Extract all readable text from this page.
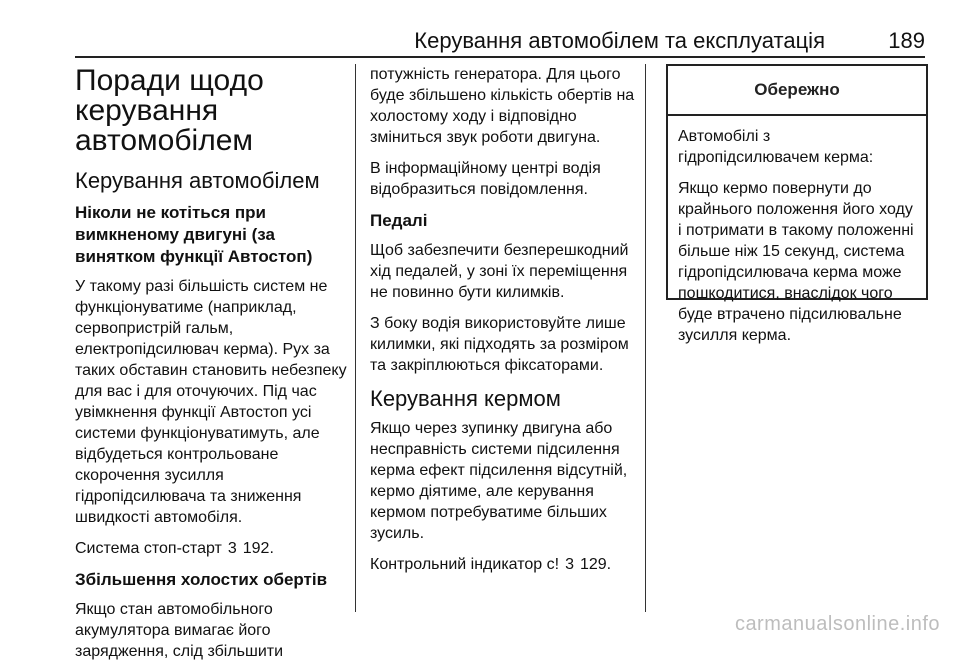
Керування автомобілем та експлуатація	189
Поради щодо керування автомобілем
Керування автомобілем
Ніколи не котіться при вимкненому двигуні (за винятком функції Автостоп)

У такому разі більшість систем не функціонуватиме (наприклад, сервопристрій гальм, електропідсилювач керма). Рух за таких обставин становить небезпеку для вас і для оточуючих. Під час увімкнення функції Автостоп усі системи функціонуватимуть, але відбудеться контрольоване скорочення зусилля гідропідсилювача та зниження швидкості автомобіля.

Система стоп-старт 3 192.

Збільшення холостих обертів

Якщо стан автомобільного акумулятора вимагає його зарядження, слід збільшити

потужність генератора. Для цього буде збільшено кількість обертів на холостому ходу і відповідно зміниться звук роботи двигуна.

В інформаційному центрі водія відобразиться повідомлення.

Педалі

Щоб забезпечити безперешкодний хід педалей, у зоні їх переміщення не повинно бути килимків.

З боку водія використовуйте лише килимки, які підходять за розміром та закріплюються фіксаторами.

Керування кермом

Якщо через зупинку двигуна або несправність системи підсилення керма ефект підсилення відсутній, кермо діятиме, але керування кермом потребуватиме більших зусиль.

Контрольний індикатор c! 3 129.

Обережно

Автомобілі з гідропідсилювачем керма:

Якщо кермо повернути до крайнього положення його ходу і потримати в такому положенні більше ніж 15 секунд, система гідропідсилювача керма може пошкодитися, внаслідок чого буде втрачено підсилювальне зусилля керма.

carmanualsonline.info
